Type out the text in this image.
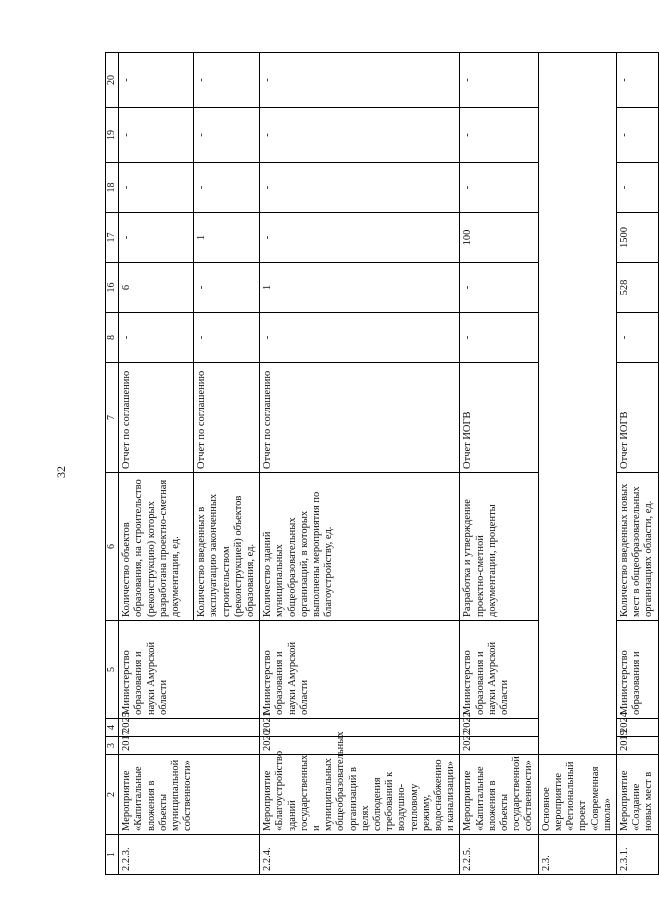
32
1	2	3	4	5	6	7	8	16	17	18	19	20
2.2.3.	Мероприятие «Капитальные вложения в объекты муниципальной собственности»	2017	2025	Министерство образования и науки Амурской области	Количество объектов образования, на строительство (реконструкцию) которых разработана проектно-сметная документация, ед.	Отчет по соглашению	-	6	-	-	-	-
					Количество введенных в эксплуатацию законченных строительством (реконструкцией) объектов образования, ед.	Отчет по соглашению	-	-	1	-	-	-
2.2.4.	Мероприятие «Благоустройство зданий государственных и муниципальных общеобразовательных организаций в целях соблюдения требований к воздушно-тепловому режиму, водоснабжению и канализации»	2020	2021	Министерство образования и науки Амурской области	Количество зданий муниципальных общеобразовательных организаций, в которых выполнены мероприятия по благоустройству, ед.	Отчет по соглашению	-	1	-	-	-	-
2.2.5.	Мероприятие «Капитальные вложения в объекты государственной собственности»	2022	2022	Министерство образования и науки Амурской области	Разработка и утверждение проектно-сметной документации, проценты	Отчет ИОГВ	-	-	100	-	-	-
2.3.	Основное мероприятие «Региональный проект «Современная школа»											
2.3.1.	Мероприятие «Создание новых мест в	2019	2024	Министерство образования и	Количество введенных новых мест в общеобразовательных организациях области, ед.	Отчет ИОГВ	-	528	1500	-	-	-
